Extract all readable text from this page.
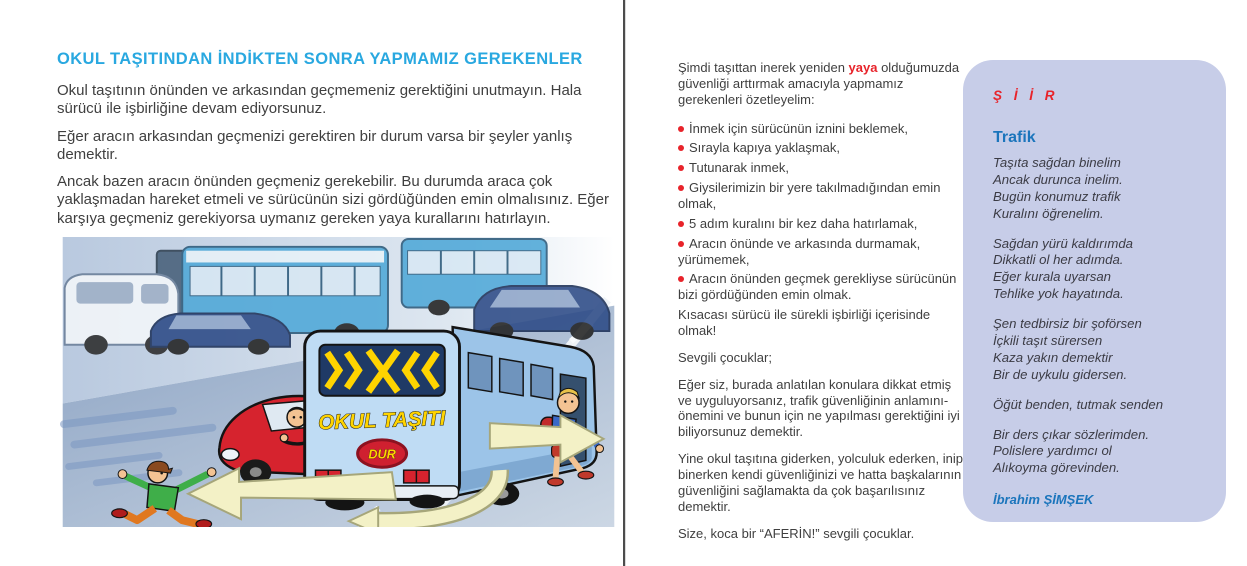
OKUL TAŞITINDAN İNDİKTEN SONRA YAPMAMIZ GEREKENLER

Okul taşıtının önünden ve arkasından geçmemeniz gerektiğini unutmayın. Hala sürücü ile işbirliğine devam ediyorsunuz.

Eğer aracın arkasından geçmenizi gerektiren bir durum varsa bir şeyler yanlış demektir.

Ancak bazen aracın önünden geçmeniz gerekebilir. Bu durumda araca çok yaklaşmadan hareket etmeli ve sürücünün sizi gördüğünden emin olmalısınız. Eğer karşıya geçmeniz gerekiyorsa uymanız gereken yaya kurallarını hatırlayın.

OKUL TAŞITI
DUR

Şimdi taşıttan inerek yeniden yaya olduğumuzda güvenliği arttırmak amacıyla yapmamız gerekenleri özetleyelim:

İnmek için sürücünün iznini beklemek,
Sırayla kapıya yaklaşmak,
Tutunarak inmek,
Giysilerimizin bir yere takılmadığından emin olmak,
5 adım kuralını bir kez daha hatırlamak,
Aracın önünde ve arkasında durmamak, yürümemek,
Aracın önünden geçmek gerekliyse sürücünün bizi gördüğünden emin olmak.

Kısacası sürücü ile sürekli işbirliği içerisinde olmak!

Sevgili çocuklar;

Eğer siz, burada anlatılan konulara dikkat etmiş ve uyguluyorsanız, trafik güvenliğinin anlamını-önemini ve bunun için ne yapılması gerektiğini iyi biliyorsunuz demektir.

Yine okul taşıtına giderken, yolculuk ederken, inip binerken kendi güvenliğinizi ve hatta başkalarının güvenliğini sağlamakta da çok başarılısınız demektir.

Size, koca bir “AFERİN!” sevgili çocuklar.

Ş İ İ R
Trafik
Taşıta sağdan binelim
Ancak durunca inelim.
Bugün konumuz trafik
Kuralını öğrenelim.
Sağdan yürü kaldırımda
Dikkatli ol her adımda.
Eğer kurala uyarsan
Tehlike yok hayatında.
Şen tedbirsiz bir şoförsen
İçkili taşıt sürersen
Kaza yakın demektir
Bir de uykulu gidersen.
Öğüt benden, tutmak senden
Bir ders çıkar sözlerimden.
Polislere yardımcı ol
Alıkoyma görevinden.
İbrahim ŞİMŞEK
